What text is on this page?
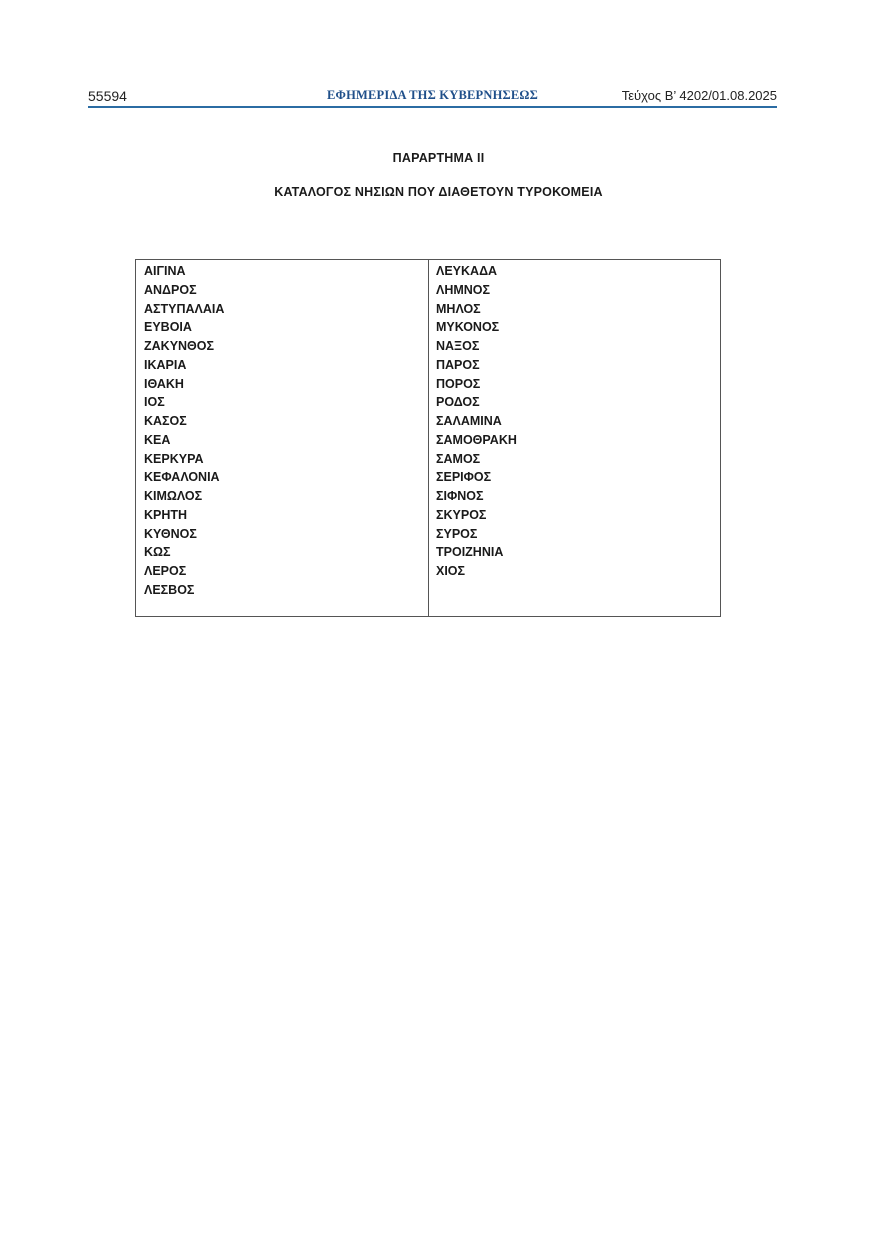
55594	ΕΦΗΜΕΡΙΔΑ ΤΗΣ ΚΥΒΕΡΝΗΣΕΩΣ	Τεύχος Β’ 4202/01.08.2025
ΠΑΡΑΡΤΗΜΑ ΙΙ
ΚΑΤΑΛΟΓΟΣ ΝΗΣΙΩΝ ΠΟΥ ΔΙΑΘΕΤΟΥΝ ΤΥΡΟΚΟΜΕΙΑ
ΑΙΓΙΝΑ
ΑΝΔΡΟΣ
ΑΣΤΥΠΑΛΑΙΑ
ΕΥΒΟΙΑ
ΖΑΚΥΝΘΟΣ
ΙΚΑΡΙΑ
ΙΘΑΚΗ
ΙΟΣ
ΚΑΣΟΣ
ΚΕΑ
ΚΕΡΚΥΡΑ
ΚΕΦΑΛΟΝΙΑ
ΚΙΜΩΛΟΣ
ΚΡΗΤΗ
ΚΥΘΝΟΣ
ΚΩΣ
ΛΕΡΟΣ
ΛΕΣΒΟΣ
ΛΕΥΚΑΔΑ
ΛΗΜΝΟΣ
ΜΗΛΟΣ
ΜΥΚΟΝΟΣ
ΝΑΞΟΣ
ΠΑΡΟΣ
ΠΟΡΟΣ
ΡΟΔΟΣ
ΣΑΛΑΜΙΝΑ
ΣΑΜΟΘΡΑΚΗ
ΣΑΜΟΣ
ΣΕΡΙΦΟΣ
ΣΙΦΝΟΣ
ΣΚΥΡΟΣ
ΣΥΡΟΣ
ΤΡΟΙΖΗΝΙΑ
ΧΙΟΣ
